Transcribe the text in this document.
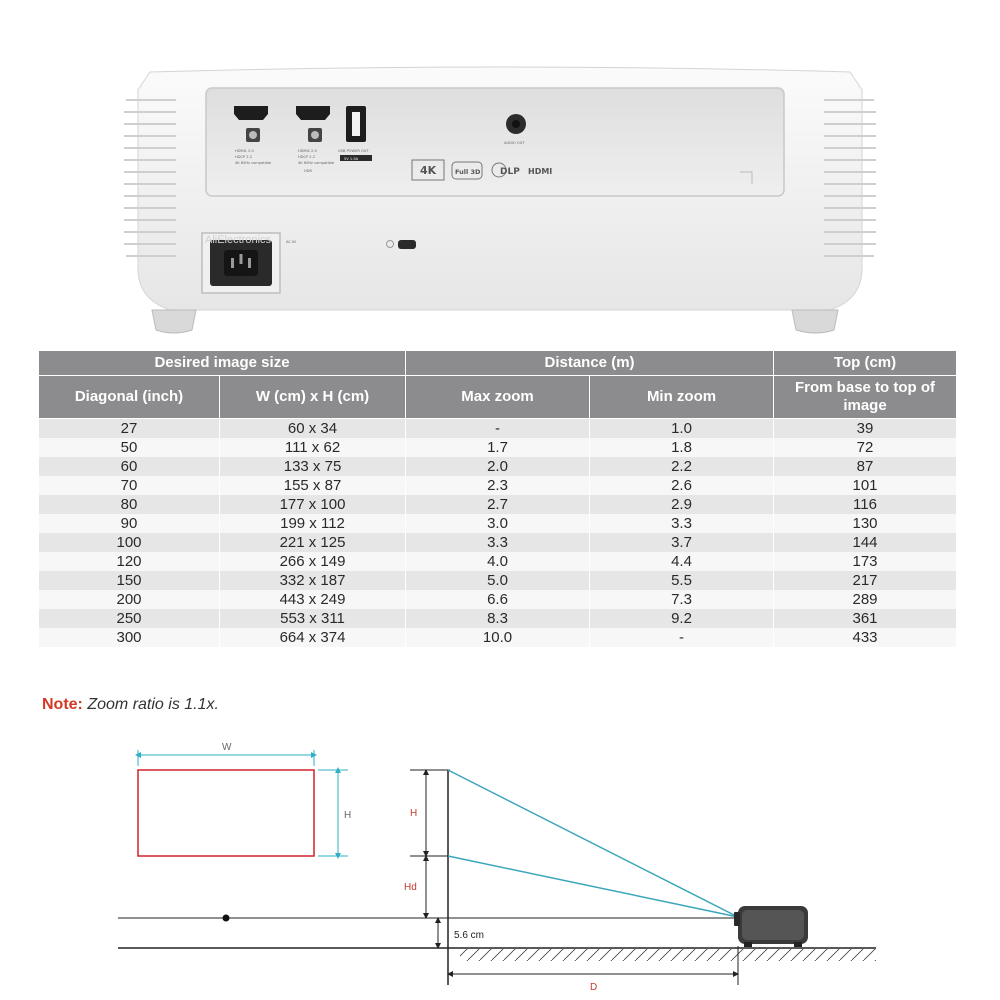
HDMI1 2.0
HDCP 2.2
4K 60Hz compatible
HDMI2 2.0
HDCP 2.2
4K 60Hz compatible
HDR
USB POWER OUT
5V 1.5A
4K	Full 3D DLP HDMI
AUDIO OUT
AliElectronics	AC IN
Desired image size		Distance (m)		Top (cm)
Diagonal (inch)	W (cm) x H (cm)	Max zoom	Min zoom	From base to top of image
27	60 x 34	-	1.0	39
50	111 x 62	1.7	1.8	72
60	133 x 75	2.0	2.2	87
70	155 x 87	2.3	2.6	101
80	177 x 100	2.7	2.9	116
90	199 x 112	3.0	3.3	130
100	221 x 125	3.3	3.7	144
120	266 x 149	4.0	4.4	173
150	332 x 187	5.0	5.5	217
200	443 x 249	6.6	7.3	289
250	553 x 311	8.3	9.2	361
300	664 x 374	10.0	-	433
Note: Zoom ratio is 1.1x.
W
H	H
Hd
5.6 cm
D
